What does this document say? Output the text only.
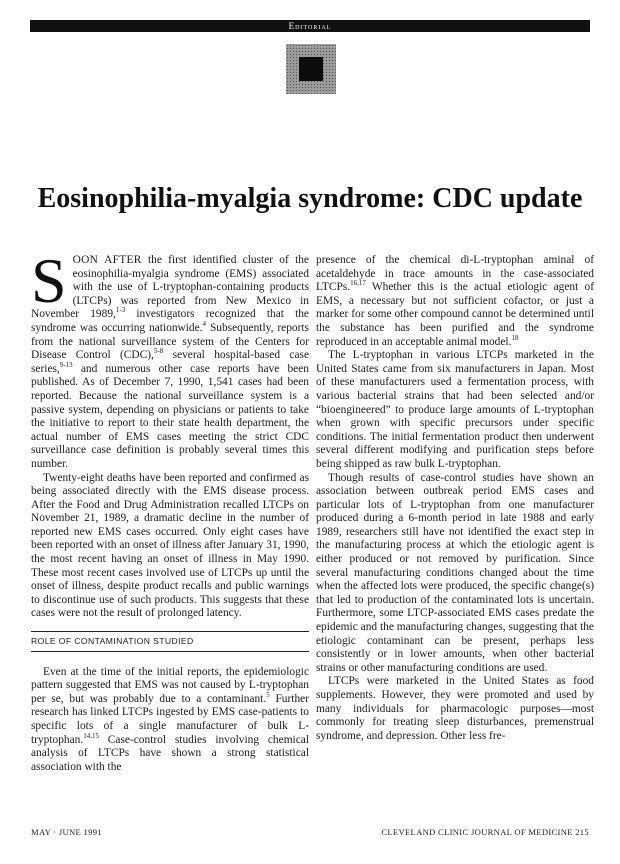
Editorial
Eosinophilia-myalgia syndrome: CDC update

SOON AFTER the first identified cluster of the eosinophilia-myalgia syndrome (EMS) associated with the use of L-tryptophan-containing products (LTCPs) was reported from New Mexico in November 1989,$^{1-3}$ investigators recognized that the syndrome was occurring nationwide.$^4$ Subsequently, reports from the national surveillance system of the Centers for Disease Control (CDC),$^{5-8}$ several hospital-based case series,$^{9-13}$ and numerous other case reports have been published. As of December 7, 1990, 1,541 cases had been reported. Because the national surveillance system is a passive system, depending on physicians or patients to take the initiative to report to their state health department, the actual number of EMS cases meeting the strict CDC surveillance case definition is probably several times this number.

Twenty-eight deaths have been reported and confirmed as being associated directly with the EMS disease process. After the Food and Drug Administration recalled LTCPs on November 21, 1989, a dramatic decline in the number of reported new EMS cases occurred. Only eight cases have been reported with an onset of illness after January 31, 1990, the most recent having an onset of illness in May 1990. These most recent cases involved use of LTCPs up until the onset of illness, despite product recalls and public warnings to discontinue use of such products. This suggests that these cases were not the result of prolonged latency.

ROLE OF CONTAMINATION STUDIED

Even at the time of the initial reports, the epidemiologic pattern suggested that EMS was not caused by L-tryptophan per se, but was probably due to a contaminant.$^5$ Further research has linked LTCPs ingested by EMS case-patients to specific lots of a single manufacturer of bulk L-tryptophan.$^{14,15}$ Case-control studies involving chemical analysis of LTCPs have shown a strong statistical association with the

presence of the chemical di-L-tryptophan aminal of acetaldehyde in trace amounts in the case-associated LTCPs.$^{16,17}$ Whether this is the actual etiologic agent of EMS, a necessary but not sufficient cofactor, or just a marker for some other compound cannot be determined until the substance has been purified and the syndrome reproduced in an acceptable animal model.$^{18}$

The L-tryptophan in various LTCPs marketed in the United States came from six manufacturers in Japan. Most of these manufacturers used a fermentation process, with various bacterial strains that had been selected and/or “bioengineered” to produce large amounts of L-tryptophan when grown with specific precursors under specific conditions. The initial fermentation product then underwent several different modifying and purification steps before being shipped as raw bulk L-tryptophan.

Though results of case-control studies have shown an association between outbreak period EMS cases and particular lots of L-tryptophan from one manufacturer produced during a 6-month period in late 1988 and early 1989, researchers still have not identified the exact step in the manufacturing process at which the etiologic agent is either produced or not removed by purification. Since several manufacturing conditions changed about the time when the affected lots were produced, the specific change(s) that led to production of the contaminated lots is uncertain. Furthermore, some LTCP-associated EMS cases predate the epidemic and the manufacturing changes, suggesting that the etiologic contaminant can be present, perhaps less consistently or in lower amounts, when other bacterial strains or other manufacturing conditions are used.

LTCPs were marketed in the United States as food supplements. However, they were promoted and used by many individuals for pharmacologic purposes—most commonly for treating sleep disturbances, premenstrual syndrome, and depression. Other less fre-

MAY · JUNE 1991	CLEVELAND CLINIC JOURNAL OF MEDICINE 215
